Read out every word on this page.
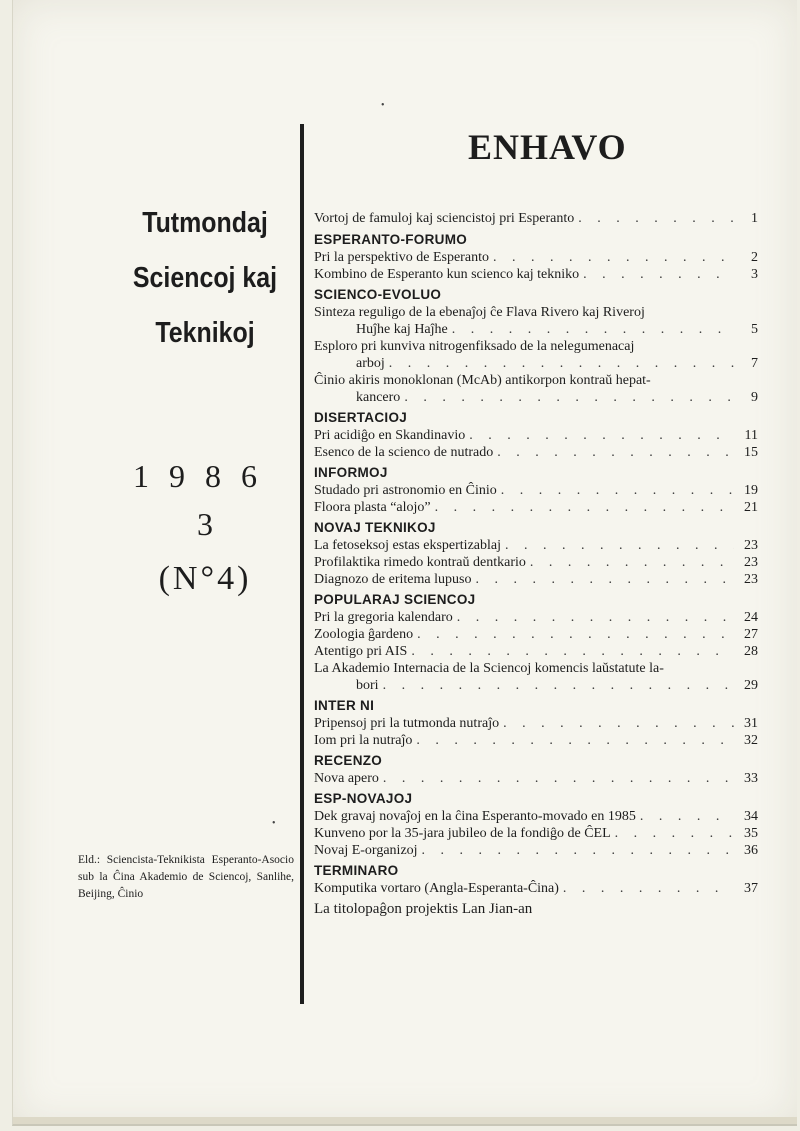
•
•
Tutmondaj
Sciencoj kaj
Teknikoj
1986
3
(N°4)
Eld.: Sciencista-Teknikista Esperanto-Asocio sub la Ĉina Akademio de Sciencoj, Sanlihe, Beijing, Ĉinio
ENHAVO
Vortoj de famuloj kaj sciencistoj pri Esperanto . . .	1
ESPERANTO-FORUMO
Pri la perspektivo de Esperanto . . .	2
Kombino de Esperanto kun scienco kaj tekniko . . .	3
SCIENCO-EVOLUO
Sinteza reguligo de la ebenaĵoj ĉe Flava Rivero kaj Riveroj
Huĵhe kaj Haĵhe . . .	5
Esploro pri kunviva nitrogenfiksado de la nelegumenacaj
arboj . . .	7
Ĉinio akiris monoklonan (McAb) antikorpon kontraŭ hepat-
kancero . . .	9
DISERTACIOJ
Pri acidiĝo en Skandinavio . . .	11
Esenco de la scienco de nutrado . . .	15
INFORMOJ
Studado pri astronomio en Ĉinio . . .	19
Floora plasta “alojo” . . .	21
NOVAJ TEKNIKOJ
La fetoseksoj estas ekspertizablaj . . .	23
Profilaktika rimedo kontraŭ dentkario . . .	23
Diagnozo de eritema lupuso . . .	23
POPULARAJ SCIENCOJ
Pri la gregoria kalendaro . . .	24
Zoologia ĝardeno . . .	27
Atentigo pri AIS . . .	28
La Akademio Internacia de la Sciencoj komencis laŭstatute la-
bori . . .	29
INTER NI
Pripensoj pri la tutmonda nutraĵo . . .	31
Iom pri la nutraĵo . . .	32
RECENZO
Nova apero . . .	33
ESP-NOVAJOJ
Dek gravaj novaĵoj en la ĉina Esperanto-movado en 1985 . . .	34
Kunveno por la 35-jara jubileo de la fondiĝo de ĈEL . . .	35
Novaj E-organizoj . . .	36
TERMINARO
Komputika vortaro (Angla-Esperanta-Ĉina) . . .	37
La titolopaĝon projektis Lan Jian-an
